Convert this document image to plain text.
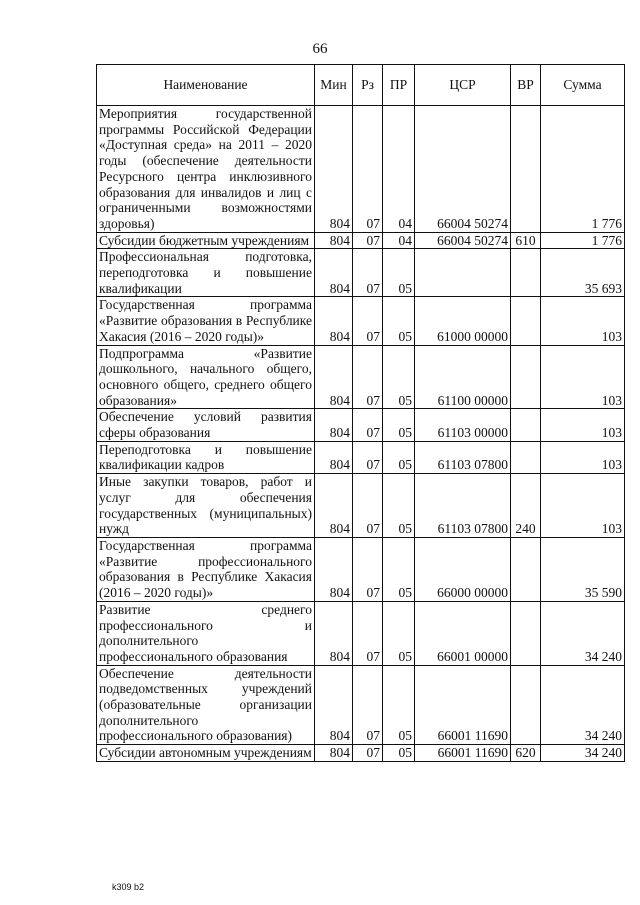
66
Наименование	Мин	Рз	ПР	ЦСР	ВР	Сумма
Мероприятия государственной программы Российской Федерации «Доступная среда» на 2011 – 2020 годы (обеспечение деятельности Ресурсного центра инклюзивного образования для инвалидов и лиц с ограниченными возможностями здоровья)	804	07	04	66004 50274		1 776
Субсидии бюджетным учреждениям	804	07	04	66004 50274	610	1 776
Профессиональная подготовка, переподготовка и повышение квалификации	804	07	05			35 693
Государственная программа «Развитие образования в Республике Хакасия (2016 – 2020 годы)»	804	07	05	61000 00000		103
Подпрограмма «Развитие дошкольного, начального общего, основного общего, среднего общего образования»	804	07	05	61100 00000		103
Обеспечение условий развития сферы образования	804	07	05	61103 00000		103
Переподготовка и повышение квалификации кадров	804	07	05	61103 07800		103
Иные закупки товаров, работ и услуг для обеспечения государственных (муниципальных) нужд	804	07	05	61103 07800	240	103
Государственная программа «Развитие профессионального образования в Республике Хакасия (2016 – 2020 годы)»	804	07	05	66000 00000		35 590
Развитие среднего профессионального и дополнительного профессионального образования	804	07	05	66001 00000		34 240
Обеспечение деятельности подведомственных учреждений (образовательные организации дополнительного профессионального образования)	804	07	05	66001 11690		34 240
Субсидии автономным учреждениям	804	07	05	66001 11690	620	34 240
k309 b2
